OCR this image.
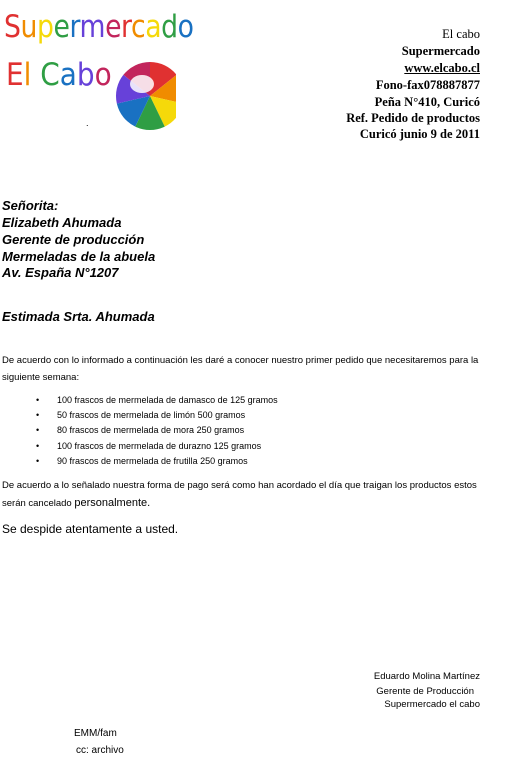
Supermercado
El Cabo
.
El cabo
Supermercado
www.elcabo.cl
Fono-fax078887877
Peña N°410, Curicó
Ref. Pedido de productos
Curicó junio 9 de 2011
Señorita:
Elizabeth Ahumada
Gerente de producción
Mermeladas de la abuela
Av. España N°1207
Estimada Srta. Ahumada
De acuerdo con lo informado a continuación les daré a conocer nuestro primer pedido que necesitaremos para la
siguiente semana:
• 100 frascos de mermelada de damasco de 125 gramos
• 50 frascos de mermelada de limón 500 gramos
• 80 frascos de mermelada de mora 250 gramos
• 100 frascos de mermelada de durazno 125 gramos
• 90 frascos de mermelada de frutilla 250 gramos
De acuerdo a lo señalado nuestra forma de pago será como han acordado el día que traigan los productos estos
serán cancelado personalmente.
Se despide atentamente a usted.
Eduardo Molina Martínez
Gerente de Producción
Supermercado el cabo
EMM/fam
cc: archivo
